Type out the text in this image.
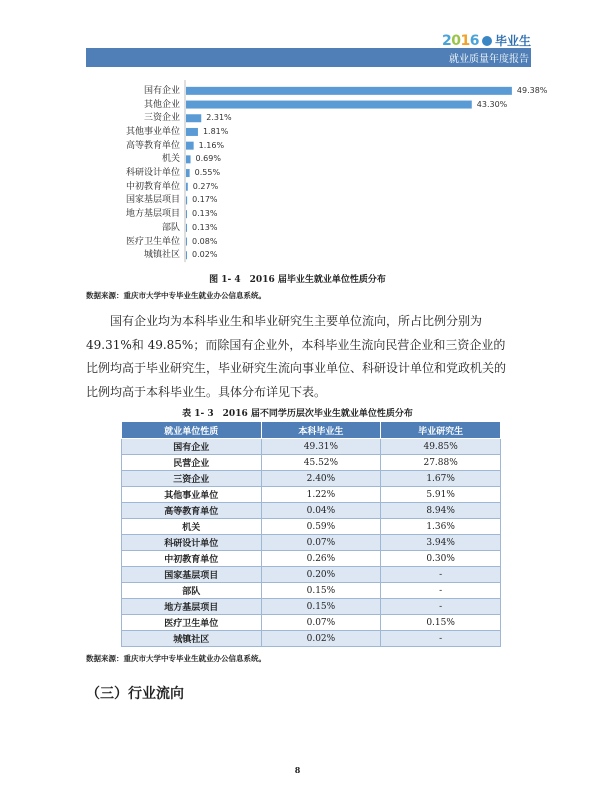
2016 毕业生
就业质量年度报告
国有企业	49.38%
其他企业	43.30%
三资企业	2.31%
其他事业单位	1.81%
高等教育单位 1.16%
机关 0.69%
科研设计单位 0.55%
中初教育单位 0.27%
国家基层项目 0.17%
地方基层项目 0.13%
部队 0.13%
医疗卫生单位 0.08%
城镇社区 0.02%
图 1- 4　2016 届毕业生就业单位性质分布
数据来源：重庆市大学中专毕业生就业办公信息系统。
国有企业均为本科毕业生和毕业研究生主要单位流向，所占比例分别为 49.31%和 49.85%；而除国有企业外，本科毕业生流向民营企业和三资企业的比例均高于毕业研究生，毕业研究生流向事业单位、科研设计单位和党政机关的比例均高于本科毕业生。具体分布详见下表。
表 1- 3　2016 届不同学历层次毕业生就业单位性质分布
就业单位性质	本科毕业生	毕业研究生
国有企业	49.31%	49.85%
民营企业	45.52%	27.88%
三资企业	2.40%	1.67%
其他事业单位	1.22%	5.91%
高等教育单位	0.04%	8.94%
机关	0.59%	1.36%
科研设计单位	0.07%	3.94%
中初教育单位	0.26%	0.30%
国家基层项目	0.20%	-
部队	0.15%	-
地方基层项目	0.15%	-
医疗卫生单位	0.07%	0.15%
城镇社区	0.02%	-
数据来源：重庆市大学中专毕业生就业办公信息系统。
（三）行业流向
8
